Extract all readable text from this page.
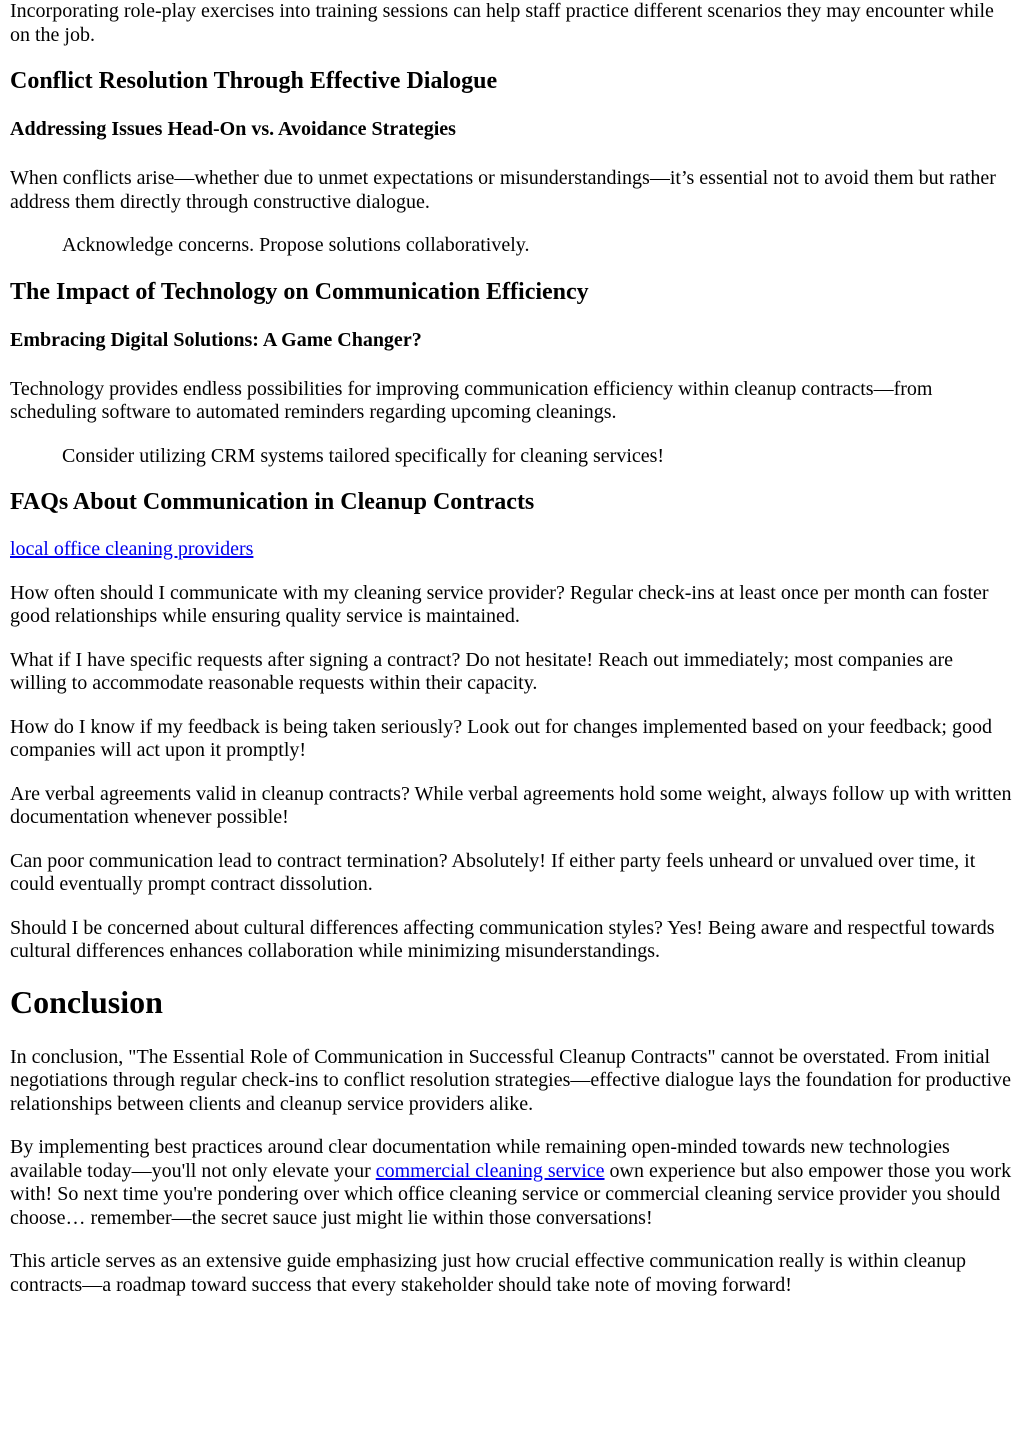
Incorporating role-play exercises into training sessions can help staff practice different scenarios they may encounter while on the job.

Conflict Resolution Through Effective Dialogue
Addressing Issues Head-On vs. Avoidance Strategies

When conflicts arise—whether due to unmet expectations or misunderstandings—it’s essential not to avoid them but rather address them directly through constructive dialogue.

Acknowledge concerns. Propose solutions collaboratively.

The Impact of Technology on Communication Efficiency
Embracing Digital Solutions: A Game Changer?

Technology provides endless possibilities for improving communication efficiency within cleanup contracts—from scheduling software to automated reminders regarding upcoming cleanings.

Consider utilizing CRM systems tailored specifically for cleaning services!

FAQs About Communication in Cleanup Contracts

local office cleaning providers

How often should I communicate with my cleaning service provider? Regular check-ins at least once per month can foster good relationships while ensuring quality service is maintained.

What if I have specific requests after signing a contract? Do not hesitate! Reach out immediately; most companies are willing to accommodate reasonable requests within their capacity.

How do I know if my feedback is being taken seriously? Look out for changes implemented based on your feedback; good companies will act upon it promptly!

Are verbal agreements valid in cleanup contracts? While verbal agreements hold some weight, always follow up with written documentation whenever possible!

Can poor communication lead to contract termination? Absolutely! If either party feels unheard or unvalued over time, it could eventually prompt contract dissolution.

Should I be concerned about cultural differences affecting communication styles? Yes! Being aware and respectful towards cultural differences enhances collaboration while minimizing misunderstandings.

Conclusion

In conclusion, "The Essential Role of Communication in Successful Cleanup Contracts" cannot be overstated. From initial negotiations through regular check-ins to conflict resolution strategies—effective dialogue lays the foundation for productive relationships between clients and cleanup service providers alike.

By implementing best practices around clear documentation while remaining open-minded towards new technologies available today—you'll not only elevate your commercial cleaning service own experience but also empower those you work with! So next time you're pondering over which office cleaning service or commercial cleaning service provider you should choose… remember—the secret sauce just might lie within those conversations!

This article serves as an extensive guide emphasizing just how crucial effective communication really is within cleanup contracts—a roadmap toward success that every stakeholder should take note of moving forward!
